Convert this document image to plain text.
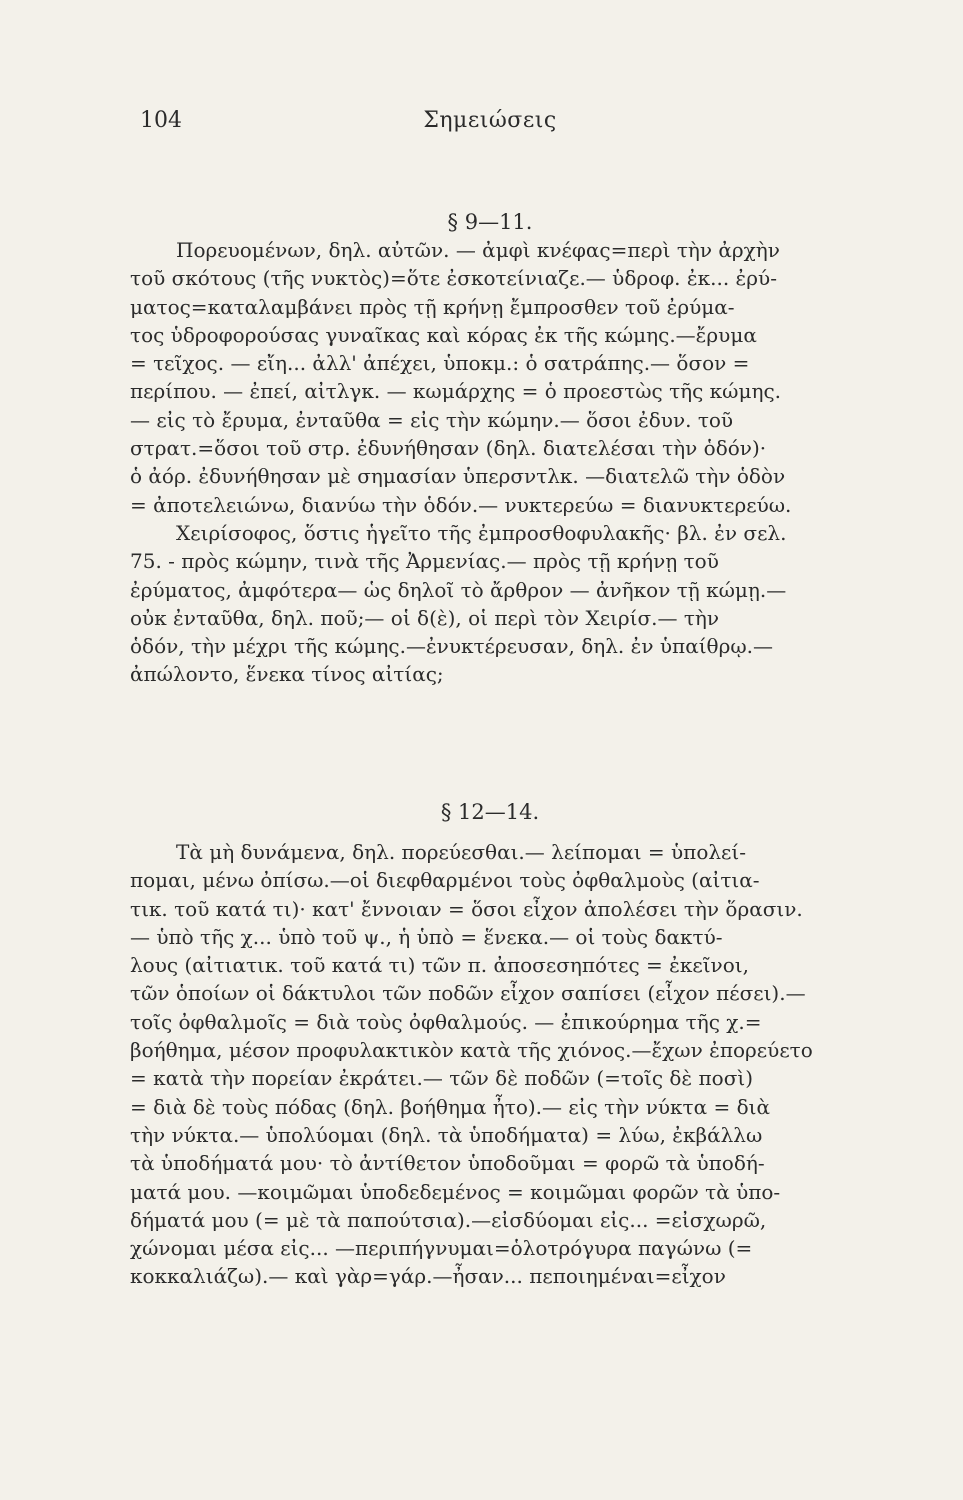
104	Σημειώσεις
§ 9—11.
Πορευομένων, δηλ. αὐτῶν. — ἀμφὶ κνέφας=περὶ τὴν ἀρχὴν
τοῦ σκότους (τῆς νυκτὸς)=ὅτε ἐσκοτείνιαζε.— ὑδροφ. ἐκ... ἐρύ-
ματος=καταλαμβάνει πρὸς τῇ κρήνῃ ἔμπροσθεν τοῦ ἐρύμα-
τος ὑδροφορούσας γυναῖκας καὶ κόρας ἐκ τῆς κώμης.—ἔρυμα
= τεῖχος. — εἴη... ἀλλ' ἀπέχει, ὑποκμ.: ὁ σατράπης.— ὅσον =
περίπου. — ἐπεί, αἰτλγκ. — κωμάρχης = ὁ προεστὼς τῆς κώμης.
— εἰς τὸ ἔρυμα, ἐνταῦθα = εἰς τὴν κώμην.— ὅσοι ἐδυν. τοῦ
στρατ.=ὅσοι τοῦ στρ. ἐδυνήθησαν (δηλ. διατελέσαι τὴν ὁδόν)·
ὁ ἀόρ. ἐδυνήθησαν μὲ σημασίαν ὑπερσντλκ. —διατελῶ τὴν ὁδὸν
= ἀποτελειώνω, διανύω τὴν ὁδόν.— νυκτερεύω = διανυκτερεύω.
Χειρίσοφος, ὅστις ἡγεῖτο τῆς ἐμπροσθοφυλακῆς· βλ. ἐν σελ.
75. - πρὸς κώμην, τινὰ τῆς Ἀρμενίας.— πρὸς τῇ κρήνῃ τοῦ
ἐρύματος, ἀμφότερα— ὡς δηλοῖ τὸ ἄρθρον — ἀνῆκον τῇ κώμῃ.—
οὐκ ἐνταῦθα, δηλ. ποῦ;— οἱ δ(ὲ), οἱ περὶ τὸν Χειρίσ.— τὴν
ὁδόν, τὴν μέχρι τῆς κώμης.—ἐνυκτέρευσαν, δηλ. ἐν ὑπαίθρῳ.—
ἀπώλοντο, ἕνεκα τίνος αἰτίας;
§ 12—14.
Τὰ μὴ δυνάμενα, δηλ. πορεύεσθαι.— λείπομαι = ὑπολεί-
πομαι, μένω ὀπίσω.—οἱ διεφθαρμένοι τοὺς ὀφθαλμοὺς (αἰτια-
τικ. τοῦ κατά τι)· κατ' ἔννοιαν = ὅσοι εἶχον ἀπολέσει τὴν ὅρασιν.
— ὑπὸ τῆς χ... ὑπὸ τοῦ ψ., ἡ ὑπὸ = ἕνεκα.— οἱ τοὺς δακτύ-
λους (αἰτιατικ. τοῦ κατά τι) τῶν π. ἀποσεσηπότες = ἐκεῖνοι,
τῶν ὁποίων οἱ δάκτυλοι τῶν ποδῶν εἶχον σαπίσει (εἶχον πέσει).—
τοῖς ὀφθαλμοῖς = διὰ τοὺς ὀφθαλμούς. — ἐπικούρημα τῆς χ.=
βοήθημα, μέσον προφυλακτικὸν κατὰ τῆς χιόνος.—ἔχων ἐπορεύετο
= κατὰ τὴν πορείαν ἐκράτει.— τῶν δὲ ποδῶν (=τοῖς δὲ ποσὶ)
= διὰ δὲ τοὺς πόδας (δηλ. βοήθημα ἦτο).— εἰς τὴν νύκτα = διὰ
τὴν νύκτα.— ὑπολύομαι (δηλ. τὰ ὑποδήματα) = λύω, ἐκβάλλω
τὰ ὑποδήματά μου· τὸ ἀντίθετον ὑποδοῦμαι = φορῶ τὰ ὑποδή-
ματά μου. —κοιμῶμαι ὑποδεδεμένος = κοιμῶμαι φορῶν τὰ ὑπο-
δήματά μου (= μὲ τὰ παπούτσια).—εἰσδύομαι εἰς... =εἰσχωρῶ,
χώνομαι μέσα εἰς... —περιπήγνυμαι=ὁλοτρόγυρα παγώνω (=
κοκκαλιάζω).— καὶ γὰρ=γάρ.—ἦσαν... πεποιημέναι=εἶχον
